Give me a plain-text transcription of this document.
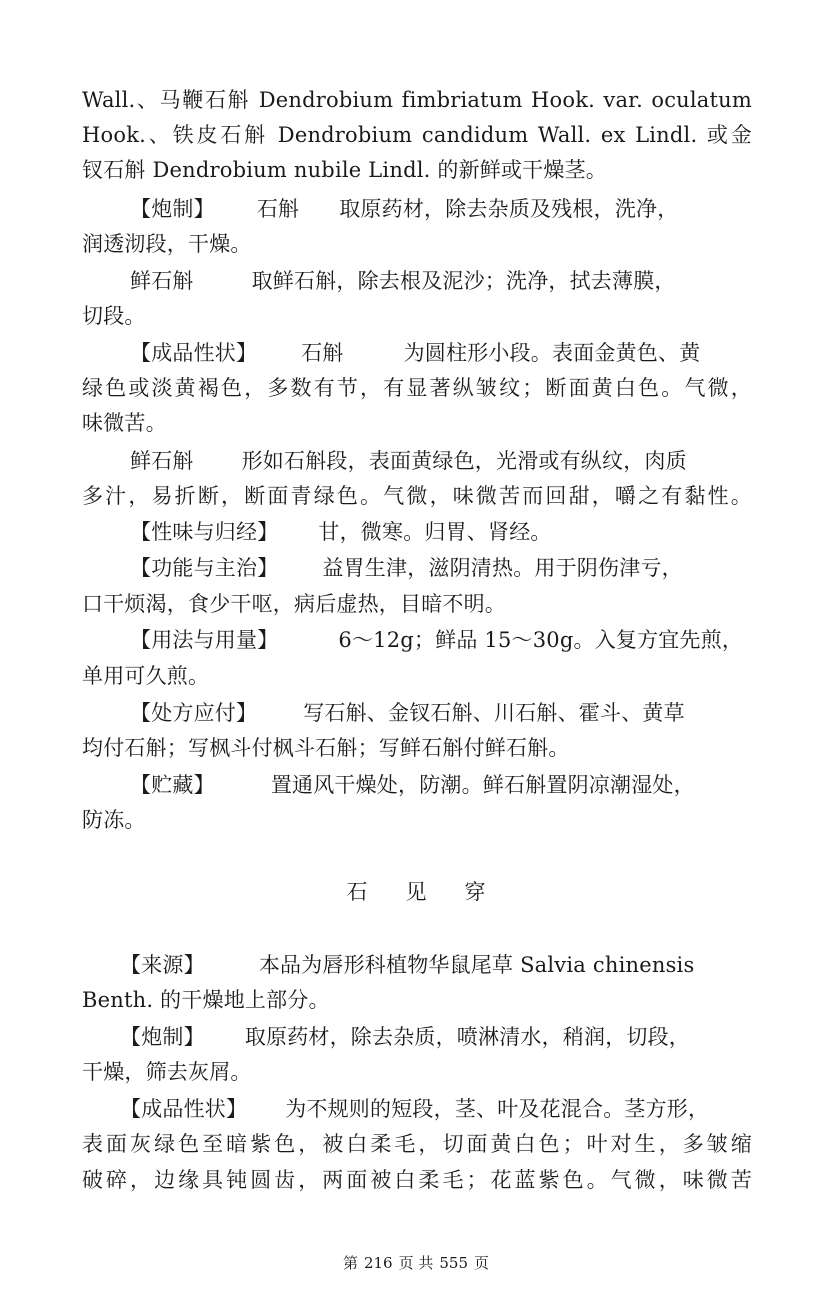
Wall.、马鞭石斛 Dendrobium fimbriatum Hook. var. oculatum
Hook.、铁皮石斛 Dendrobium candidum Wall. ex Lindl. 或金
钗石斛 Dendrobium nubile Lindl. 的新鲜或干燥茎。
【炮制】 石斛 取原药材，除去杂质及残根，洗净，
润透沏段，干燥。
鲜石斛	取鲜石斛，除去根及泥沙；洗净，拭去薄膜，
切段。
【成品性状】 石斛	为圆柱形小段。表面金黄色、黄
绿色或淡黄褐色，多数有节，有显著纵皱纹；断面黄白色。气微，
味微苦。
鲜石斛 形如石斛段，表面黄绿色，光滑或有纵纹，肉质
多汁，易折断，断面青绿色。气微，味微苦而回甜，嚼之有黏性。
【性味与归经】 甘，微寒。归胃、肾经。
【功能与主治】 益胃生津，滋阴清热。用于阴伤津亏，
口干烦渴，食少干呕，病后虚热，目暗不明。
【用法与用量】	6～12g；鲜品 15～30g。入复方宜先煎，
单用可久煎。
【处方应付】 写石斛、金钗石斛、川石斛、霍斗、黄草
均付石斛；写枫斗付枫斗石斛；写鲜石斛付鲜石斛。
【贮藏】	置通风干燥处，防潮。鲜石斛置阴凉潮湿处，
防冻。
石 见 穿
【来源】	本品为唇形科植物华鼠尾草 Salvia chinensis
Benth. 的干燥地上部分。
【炮制】 取原药材，除去杂质，喷淋清水，稍润，切段，
干燥，筛去灰屑。
【成品性状】 为不规则的短段，茎、叶及花混合。茎方形，
表面灰绿色至暗紫色，被白柔毛，切面黄白色；叶对生，多皱缩
破碎，边缘具钝圆齿，两面被白柔毛；花蓝紫色。气微，味微苦
第 216 页 共 555 页
